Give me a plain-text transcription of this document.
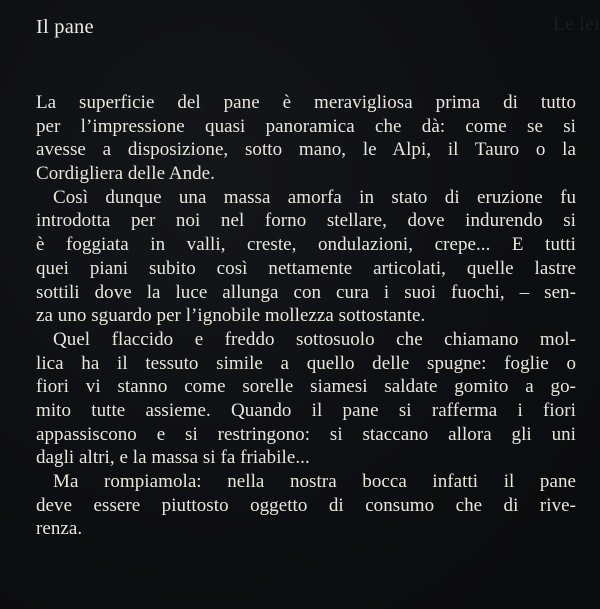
Le lei
Il pane
La superficie del pane è meravigliosa prima di tutto
per l’impressione quasi panoramica che dà: come se si
avesse a disposizione, sotto mano, le Alpi, il Tauro o la
Cordigliera delle Ande.
Così dunque una massa amorfa in stato di eruzione fu
introdotta per noi nel forno stellare, dove indurendo si
è foggiata in valli, creste, ondulazioni, crepe... E tutti
quei piani subito così nettamente articolati, quelle lastre
sottili dove la luce allunga con cura i suoi fuochi, – sen-
za uno sguardo per l’ignobile mollezza sottostante.
Quel flaccido e freddo sottosuolo che chiamano mol-
lica ha il tessuto simile a quello delle spugne: foglie o
fiori vi stanno come sorelle siamesi saldate gomito a go-
mito tutte assieme. Quando il pane si rafferma i fiori
appassiscono e si restringono: si staccano allora gli uni
dagli altri, e la massa si fa friabile...
Ma rompiamola: nella nostra bocca infatti il pane
deve essere piuttosto oggetto di consumo che di rive-
renza.
